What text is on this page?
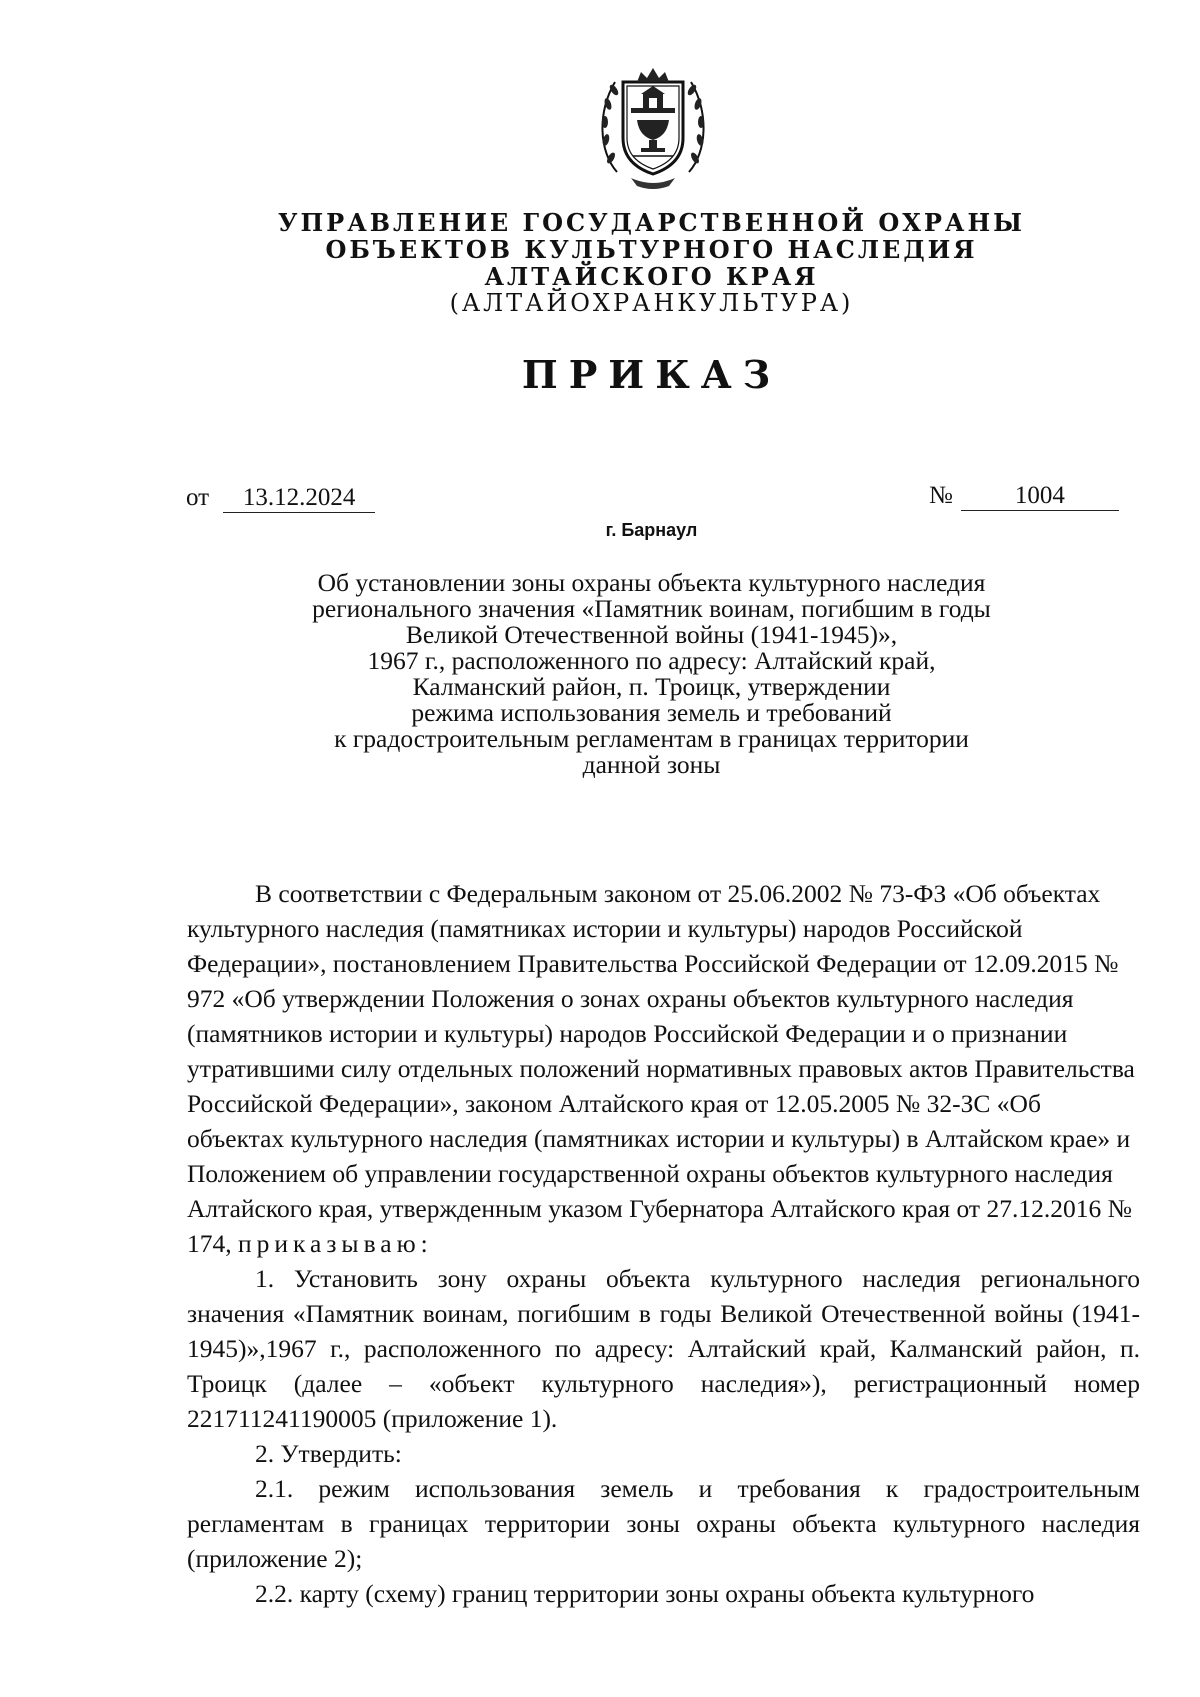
УПРАВЛЕНИЕ ГОСУДАРСТВЕННОЙ ОХРАНЫ
ОБЪЕКТОВ КУЛЬТУРНОГО НАСЛЕДИЯ
АЛТАЙСКОГО КРАЯ
(АЛТАЙОХРАНКУЛЬТУРА)
ПРИКАЗ
от 13.12.2024	№ 1004
г. Барнаул
Об установлении зоны охраны объекта культурного наследия
регионального значения «Памятник воинам, погибшим в годы
Великой Отечественной войны (1941-1945)»,
1967 г., расположенного по адресу: Алтайский край,
Калманский район, п. Троицк, утверждении
режима использования земель и требований
к градостроительным регламентам в границах территории
данной зоны

В соответствии с Федеральным законом от 25.06.2002 № 73-ФЗ «Об объектах культурного наследия (памятниках истории и культуры) народов Российской Федерации», постановлением Правительства Российской Федерации от 12.09.2015 № 972 «Об утверждении Положения о зонах охраны объектов культурного наследия (памятников истории и культуры) народов Российской Федерации и о признании утратившими силу отдельных положений нормативных правовых актов Правительства Российской Федерации», законом Алтайского края от 12.05.2005 № 32-ЗС «Об объектах культурного наследия (памятниках истории и культуры) в Алтайском крае» и Положением об управлении государственной охраны объектов культурного наследия Алтайского края, утвержденным указом Губернатора Алтайского края от 27.12.2016 № 174, приказываю:

1. Установить зону охраны объекта культурного наследия регионального значения «Памятник воинам, погибшим в годы Великой Отечественной войны (1941-1945)»,1967 г., расположенного по адресу: Алтайский край, Калманский район, п. Троицк (далее – «объект культурного наследия»), регистрационный номер 221711241190005 (приложение 1).

2. Утвердить:

2.1. режим использования земель и требования к градостроительным регламентам в границах территории зоны охраны объекта культурного наследия (приложение 2);

2.2. карту (схему) границ территории зоны охраны объекта культурного
